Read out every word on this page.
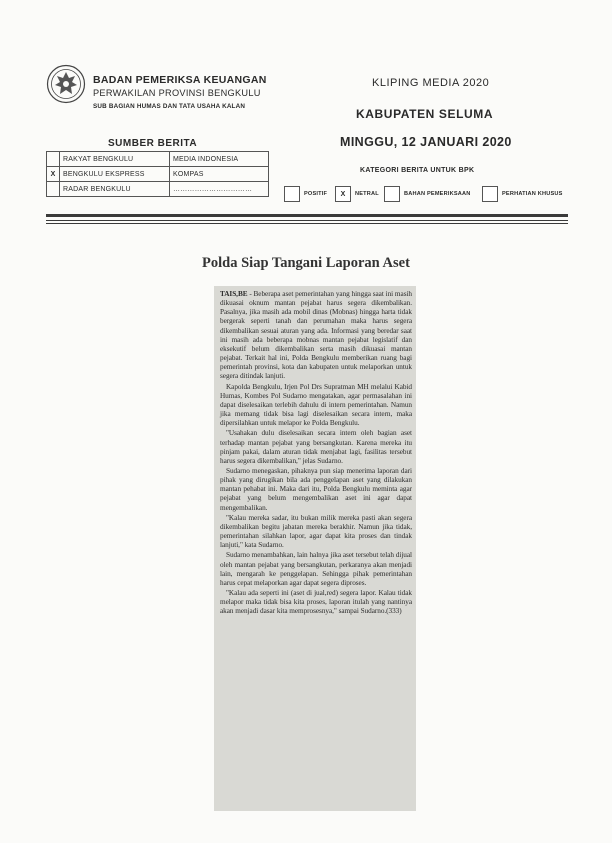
BADAN PEMERIKSA KEUANGAN
PERWAKILAN PROVINSI BENGKULU
SUB BAGIAN HUMAS DAN TATA USAHA KALAN
KLIPING MEDIA 2020
KABUPATEN SELUMA
MINGGU, 12 JANUARI 2020
SUMBER BERITA
	RAKYAT BENGKULU	MEDIA INDONESIA
X	BENGKULU EKSPRESS	KOMPAS
	RADAR BENGKULU	……………………………
KATEGORI BERITA UNTUK BPK
POSITIF	X	NETRAL	BAHAN PEMERIKSAAN	PERHATIAN KHUSUS
Polda Siap Tangani Laporan Aset

TAIS,BE - Beberapa aset pemerintahan yang hingga saat ini masih dikuasai oknum mantan pejabat harus segera dikembalikan. Pasalnya, jika masih ada mobil dinas (Mobnas) hingga harta tidak bergerak seperti tanah dan perumahan maka harus segera dikembalikan sesuai aturan yang ada. Informasi yang beredar saat ini masih ada beberapa mobnas mantan pejabat legislatif dan eksekutif belum dikembalikan serta masih dikuasai mantan pejabat. Terkait hal ini, Polda Bengkulu memberikan ruang bagi pemerintah provinsi, kota dan kabupaten untuk melaporkan untuk segera ditindak lanjuti.

Kapolda Bengkulu, Irjen Pol Drs Supratman MH melalui Kabid Humas, Kombes Pol Sudarno mengatakan, agar permasalahan ini dapat diselesaikan terlebih dahulu di intern pemerintahan. Namun jika memang tidak bisa lagi diselesaikan secara intern, maka dipersilahkan untuk melapor ke Polda Bengkulu.

"Usahakan dulu diselesaikan secara intern oleh bagian aset terhadap mantan pejabat yang bersangkutan. Karena mereka itu pinjam pakai, dalam aturan tidak menjabat lagi, fasilitas tersebut harus segera dikembalikan," jelas Sudarno.

Sudarno menegaskan, pihaknya pun siap menerima laporan dari pihak yang dirugikan bila ada penggelapan aset yang dilakukan mantan pehabat ini. Maka dari itu, Polda Bengkulu meminta agar pejabat yang belum mengembalikan aset ini agar dapat mengembalikan.

"Kalau mereka sadar, itu bukan milik mereka pasti akan segera dikembalikan begitu jabatan mereka berakhir. Namun jika tidak, pemerintahan silahkan lapor, agar dapat kita proses dan tindak lanjuti," kata Sudarno.

Sudarno menambahkan, lain halnya jika aset tersebut telah dijual oleh mantan pejabat yang bersangkutan, perkaranya akan menjadi lain, mengarah ke penggelapan. Sehingga pihak pemerintahan harus cepat melaporkan agar dapat segera diproses.

"Kalau ada seperti ini (aset di jual,red) segera lapor. Kalau tidak melapor maka tidak bisa kita proses, laporan itulah yang nantinya akan menjadi dasar kita memprosesnya," sampai Sudarno.(333)
